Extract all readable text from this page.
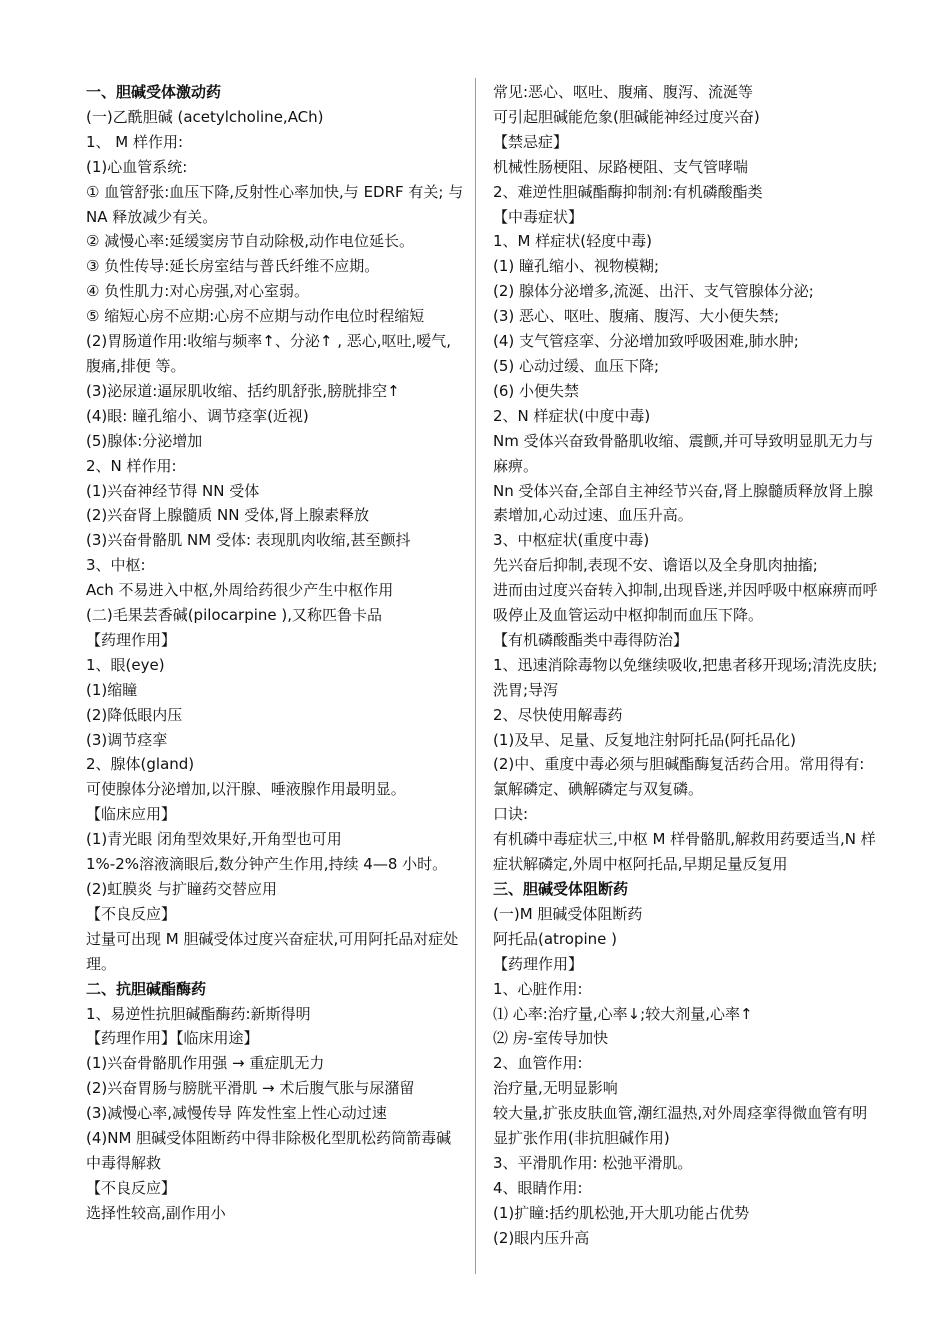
一、胆碱受体激动药

(一)乙酰胆碱 (acetylcholine,ACh)

1、 M 样作用:

(1)心血管系统:

① 血管舒张:血压下降,反射性心率加快,与 EDRF 有关; 与 NA 释放减少有关。

② 减慢心率:延缓窦房节自动除极,动作电位延长。

③ 负性传导:延长房室结与普氏纤维不应期。

④ 负性肌力:对心房强,对心室弱。

⑤ 缩短心房不应期:心房不应期与动作电位时程缩短

(2)胃肠道作用:收缩与频率↑、分泌↑ , 恶心,呕吐,嗳气,腹痛,排便 等。

(3)泌尿道:逼尿肌收缩、括约肌舒张,膀胱排空↑

(4)眼: 瞳孔缩小、调节痉挛(近视)

(5)腺体:分泌增加

2、N 样作用:

(1)兴奋神经节得 NN 受体

(2)兴奋肾上腺髓质 NN 受体,肾上腺素释放

(3)兴奋骨骼肌 NM 受体: 表现肌肉收缩,甚至颤抖

3、中枢:

Ach 不易进入中枢,外周给药很少产生中枢作用

(二)毛果芸香碱(pilocarpine ),又称匹鲁卡品

【药理作用】

1、眼(eye)

(1)缩瞳

(2)降低眼内压

(3)调节痉挛

2、腺体(gland)

可使腺体分泌增加,以汗腺、唾液腺作用最明显。

【临床应用】

(1)青光眼 闭角型效果好,开角型也可用

1%-2%溶液滴眼后,数分钟产生作用,持续 4—8 小时。

(2)虹膜炎 与扩瞳药交替应用

【不良反应】

过量可出现 M 胆碱受体过度兴奋症状,可用阿托品对症处理。

二、抗胆碱酯酶药

1、易逆性抗胆碱酯酶药:新斯得明

【药理作用】【临床用途】

(1)兴奋骨骼肌作用强 → 重症肌无力

(2)兴奋胃肠与膀胱平滑肌 → 术后腹气胀与尿潴留

(3)减慢心率,减慢传导 阵发性室上性心动过速

(4)NM 胆碱受体阻断药中得非除极化型肌松药筒箭毒碱中毒得解救

【不良反应】

选择性较高,副作用小

常见:恶心、呕吐、腹痛、腹泻、流涎等

可引起胆碱能危象(胆碱能神经过度兴奋)

【禁忌症】

机械性肠梗阻、尿路梗阻、支气管哮喘

2、难逆性胆碱酯酶抑制剂:有机磷酸酯类

【中毒症状】

1、M 样症状(轻度中毒)

(1) 瞳孔缩小、视物模糊;

(2) 腺体分泌增多,流涎、出汗、支气管腺体分泌;

(3) 恶心、呕吐、腹痛、腹泻、大小便失禁;

(4) 支气管痉挛、分泌增加致呼吸困难,肺水肿;

(5) 心动过缓、血压下降;

(6) 小便失禁

2、N 样症状(中度中毒)

Nm 受体兴奋致骨骼肌收缩、震颤,并可导致明显肌无力与麻痹。

Nn 受体兴奋,全部自主神经节兴奋,肾上腺髓质释放肾上腺素增加,心动过速、血压升高。

3、中枢症状(重度中毒)

先兴奋后抑制,表现不安、谵语以及全身肌肉抽搐;

进而由过度兴奋转入抑制,出现昏迷,并因呼吸中枢麻痹而呼吸停止及血管运动中枢抑制而血压下降。

【有机磷酸酯类中毒得防治】

1、迅速消除毒物以免继续吸收,把患者移开现场;清洗皮肤;洗胃;导泻

2、尽快使用解毒药

(1)及早、足量、反复地注射阿托品(阿托品化)

(2)中、重度中毒必须与胆碱酯酶复活药合用。常用得有:氯解磷定、碘解磷定与双复磷。

口诀:

有机磷中毒症状三,中枢 M 样骨骼肌,解救用药要适当,N 样症状解磷定,外周中枢阿托品,早期足量反复用

三、胆碱受体阻断药

(一)M 胆碱受体阻断药

阿托品(atropine )

【药理作用】

1、心脏作用:

⑴ 心率:治疗量,心率↓;较大剂量,心率↑

⑵ 房-室传导加快

2、血管作用:

治疗量,无明显影响

较大量,扩张皮肤血管,潮红温热,对外周痉挛得微血管有明显扩张作用(非抗胆碱作用)

3、平滑肌作用: 松弛平滑肌。

4、眼睛作用:

(1)扩瞳:括约肌松弛,开大肌功能占优势

(2)眼内压升高
